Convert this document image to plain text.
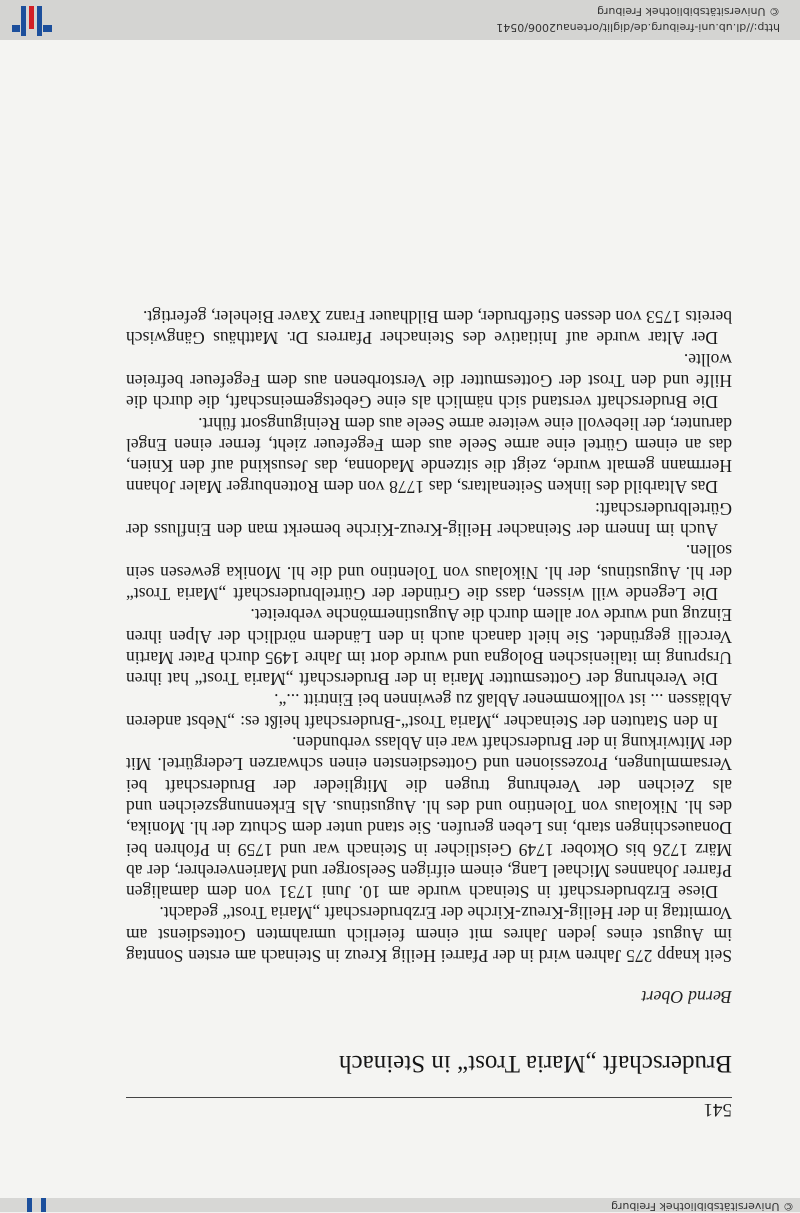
© Universitätsbibliothek Freiburg
541
Bruderschaft „Maria Trost“ in Steinach
Bernd Obert

Seit knapp 275 Jahren wird in der Pfarrei Heilig Kreuz in Steinach am ersten Sonntag im August eines jeden Jahres mit einem feierlich umrahmten Gottesdienst am Vormittag in der Heilig-Kreuz-Kirche der Erzbruderschaft „Maria Trost“ gedacht.

Diese Erzbruderschaft in Steinach wurde am 10. Juni 1731 von dem damaligen Pfarrer Johannes Michael Lang, einem eifrigen Seelsorger und Marienverehrer, der ab März 1726 bis Oktober 1749 Geistlicher in Steinach war und 1759 in Pfohren bei Donaueschingen starb, ins Leben gerufen. Sie stand unter dem Schutz der hl. Monika, des hl. Nikolaus von Tolentino und des hl. Augustinus. Als Erkennungszeichen und als Zeichen der Verehrung trugen die Mitglieder der Bruderschaft bei Versammlungen, Prozessionen und Gottesdiensten einen schwarzen Ledergürtel. Mit der Mitwirkung in der Bruderschaft war ein Ablass verbunden.

In den Statuten der Steinacher „Maria Trost“-Bruderschaft heißt es: „Nebst anderen Ablässen ... ist vollkommener Ablaß zu gewinnen bei Eintritt ...“.

Die Verehrung der Gottesmutter Maria in der Bruderschaft „Maria Trost“ hat ihren Ursprung im italienischen Bologna und wurde dort im Jahre 1495 durch Pater Martin Vercelli gegründet. Sie hielt danach auch in den Ländern nördlich der Alpen ihren Einzug und wurde vor allem durch die Augustinermönche verbreitet.

Die Legende will wissen, dass die Gründer der Gürtelbruderschaft „Maria Trost“ der hl. Augustinus, der hl. Nikolaus von Tolentino und die hl. Monika gewesen sein sollen.

Auch im Innern der Steinacher Heilig-Kreuz-Kirche bemerkt man den Einfluss der Gürtelbruderschaft:

Das Altarbild des linken Seitenaltars, das 1778 von dem Rottenburger Maler Johann Herrmann gemalt wurde, zeigt die sitzende Madonna, das Jesuskind auf den Knien, das an einem Gürtel eine arme Seele aus dem Fegefeuer zieht, ferner einen Engel darunter, der liebevoll eine weitere arme Seele aus dem Reinigungsort führt.

Die Bruderschaft verstand sich nämlich als eine Gebetsgemeinschaft, die durch die Hilfe und den Trost der Gottesmutter die Verstorbenen aus dem Fegefeuer befreien wollte.

Der Altar wurde auf Initiative des Steinacher Pfarrers Dr. Matthäus Gängwisch bereits 1753 von dessen Stiefbruder, dem Bildhauer Franz Xaver Bieheler, gefertigt.

http://dl.ub.uni-freiburg.de/diglit/ortenau2006/0541
© Universitätsbibliothek Freiburg
